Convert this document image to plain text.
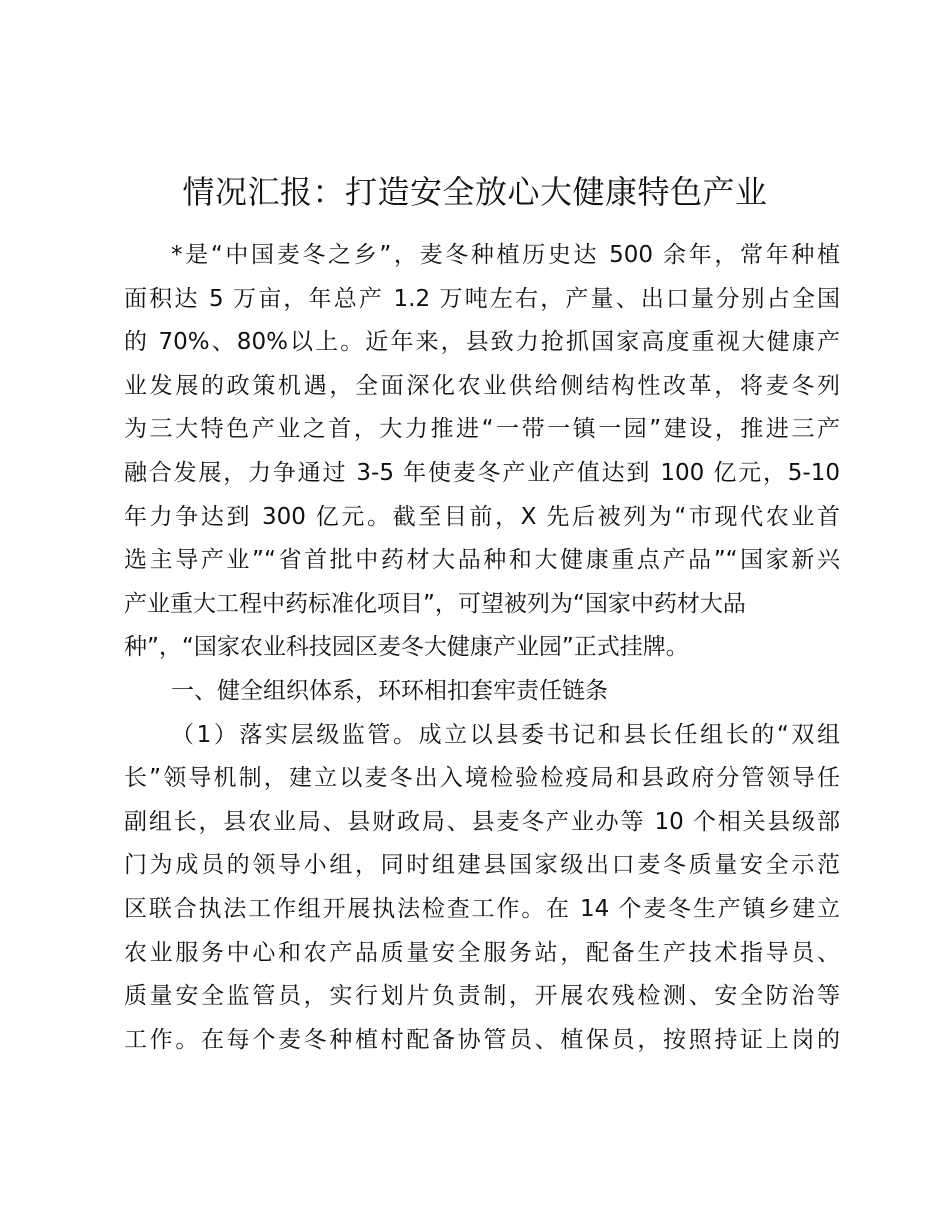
情况汇报：打造安全放心大健康特色产业
*是“中国麦冬之乡”，麦冬种植历史达 500 余年，常年种植
面积达 5 万亩，年总产 1.2 万吨左右，产量、出口量分别占全国
的 70%、80%以上。近年来，县致力抢抓国家高度重视大健康产
业发展的政策机遇，全面深化农业供给侧结构性改革，将麦冬列
为三大特色产业之首，大力推进“一带一镇一园”建设，推进三产
融合发展，力争通过 3-5 年使麦冬产业产值达到 100 亿元，5-10
年力争达到 300 亿元。截至目前，X 先后被列为“市现代农业首
选主导产业”“省首批中药材大品种和大健康重点产品”“国家新兴
产业重大工程中药标准化项目”，可望被列为“国家中药材大品
种”，“国家农业科技园区麦冬大健康产业园”正式挂牌。
一、健全组织体系，环环相扣套牢责任链条
（1）落实层级监管。成立以县委书记和县长任组长的“双组
长”领导机制，建立以麦冬出入境检验检疫局和县政府分管领导任
副组长，县农业局、县财政局、县麦冬产业办等 10 个相关县级部
门为成员的领导小组，同时组建县国家级出口麦冬质量安全示范
区联合执法工作组开展执法检查工作。在 14 个麦冬生产镇乡建立
农业服务中心和农产品质量安全服务站，配备生产技术指导员、
质量安全监管员，实行划片负责制，开展农残检测、安全防治等
工作。在每个麦冬种植村配备协管员、植保员，按照持证上岗的
